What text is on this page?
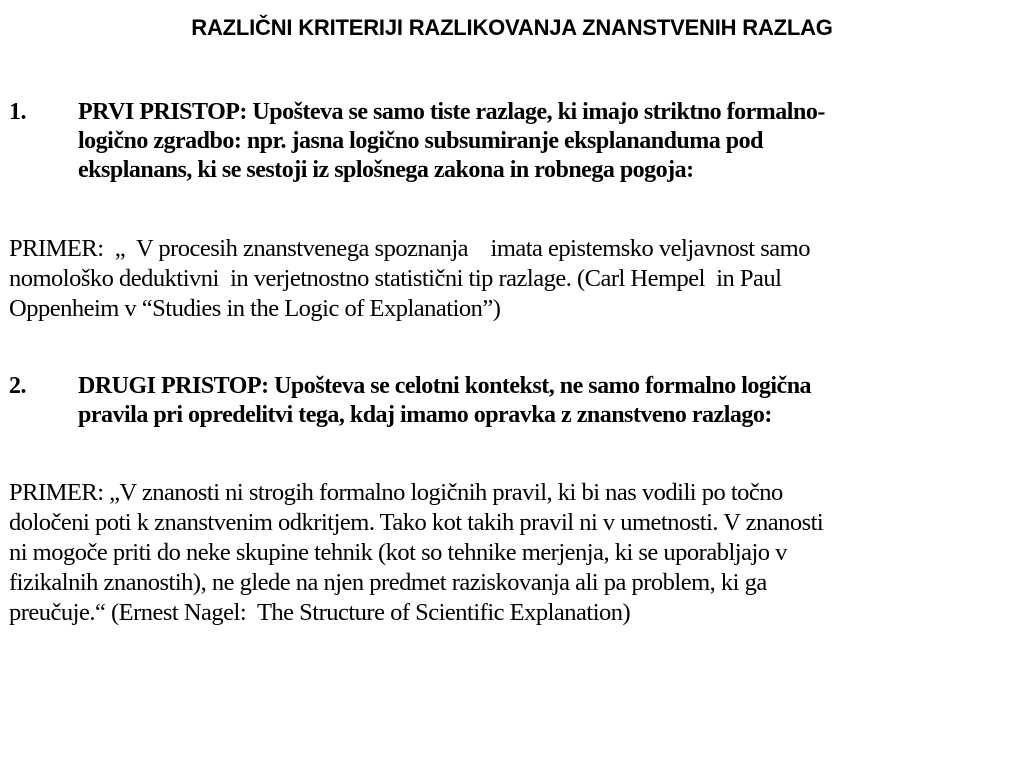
RAZLIČNI KRITERIJI RAZLIKOVANJA ZNANSTVENIH RAZLAG
1. PRVI PRISTOP: Upošteva se samo tiste razlage, ki imajo striktno formalno-
logično zgradbo: npr. jasna logično subsumiranje eksplananduma pod
eksplanans, ki se sestoji iz splošnega zakona in robnega pogoja:
PRIMER:  „  V procesih znanstvenega spoznanja    imata epistemsko veljavnost samo
nomološko deduktivni  in verjetnostno statistični tip razlage. (Carl Hempel  in Paul
Oppenheim v “Studies in the Logic of Explanation”)
2. DRUGI PRISTOP: Upošteva se celotni kontekst, ne samo formalno logična
pravila pri opredelitvi tega, kdaj imamo opravka z znanstveno razlago:
PRIMER: „V znanosti ni strogih formalno logičnih pravil, ki bi nas vodili po točno
določeni poti k znanstvenim odkritjem. Tako kot takih pravil ni v umetnosti. V znanosti
ni mogoče priti do neke skupine tehnik (kot so tehnike merjenja, ki se uporabljajo v
fizikalnih znanostih), ne glede na njen predmet raziskovanja ali pa problem, ki ga
preučuje.“ (Ernest Nagel:  The Structure of Scientific Explanation)
